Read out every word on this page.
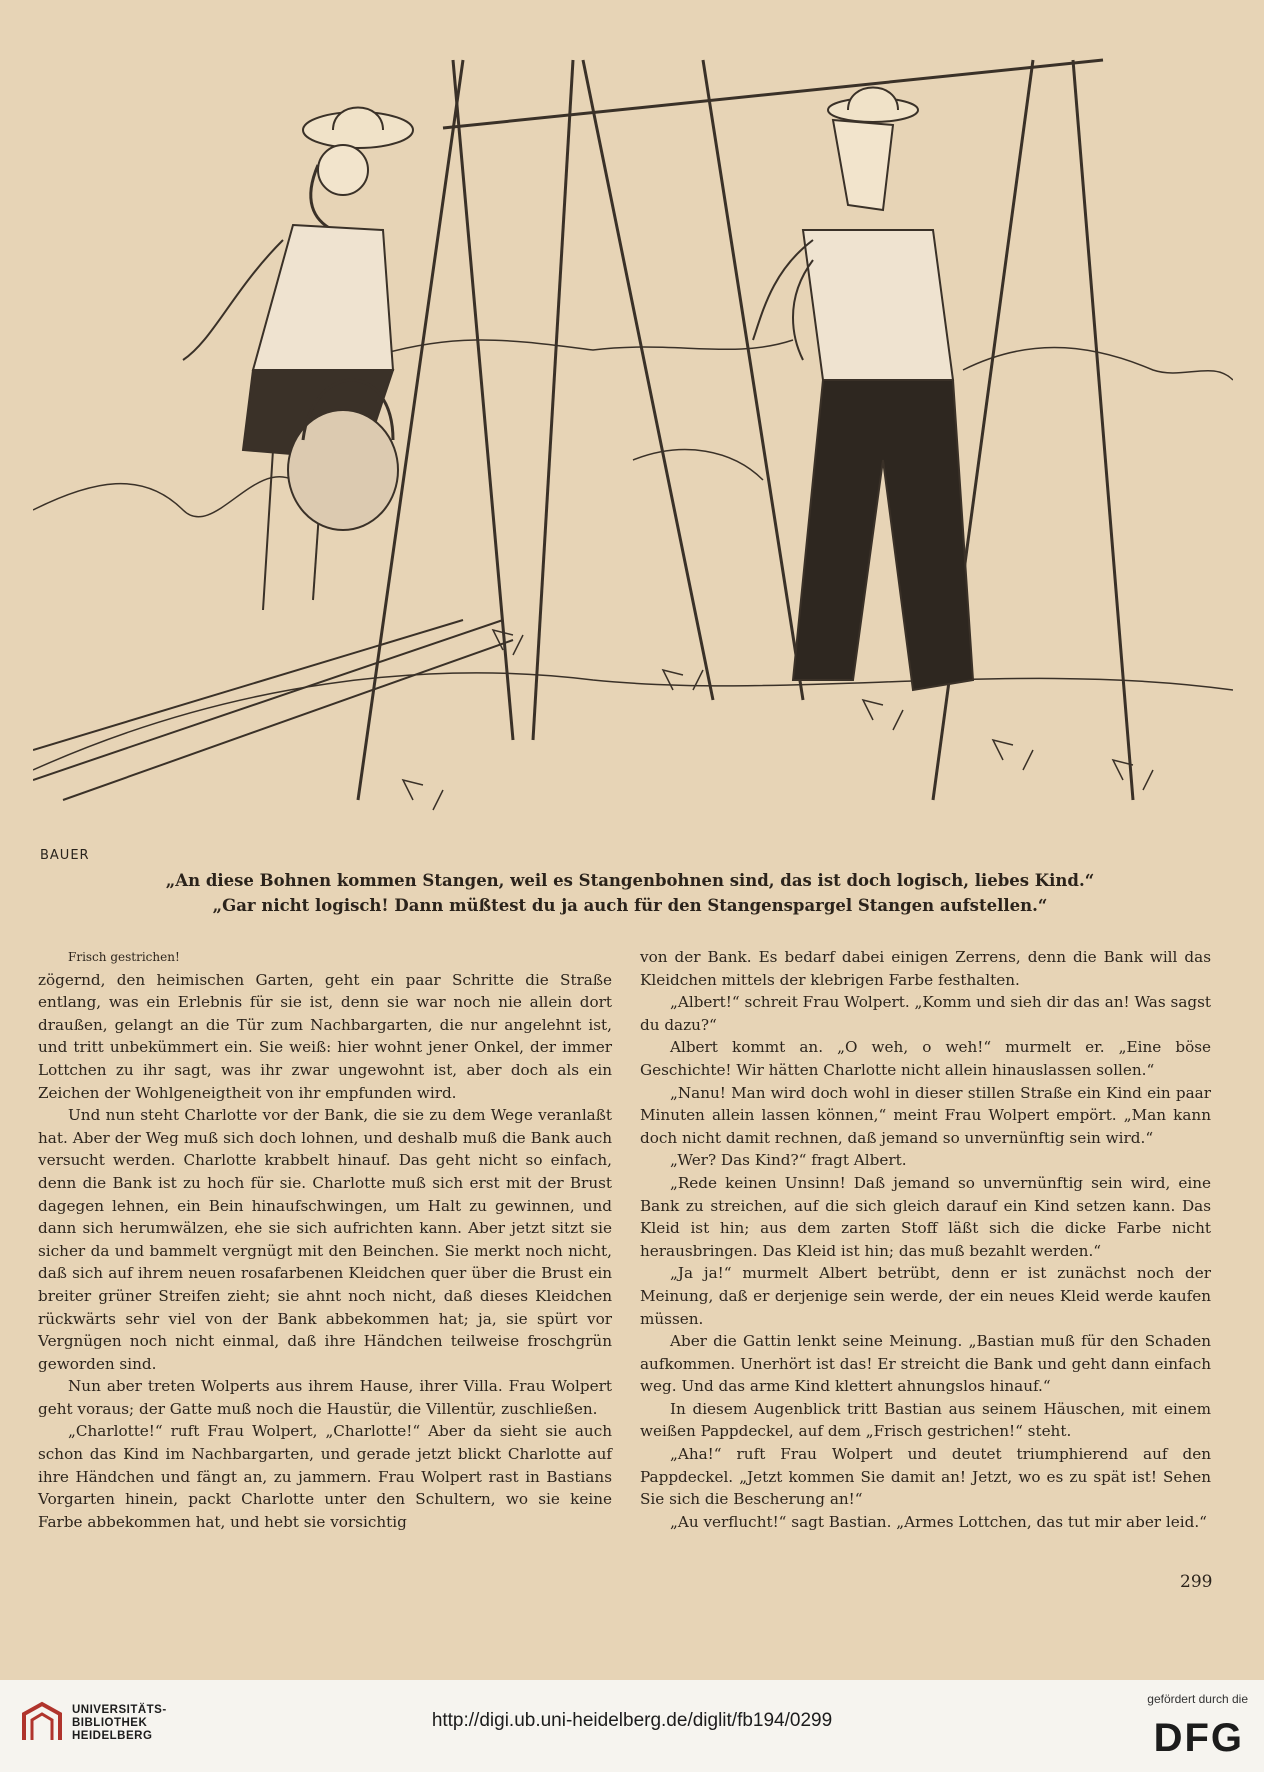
BAUER
„An diese Bohnen kommen Stangen, weil es Stangenbohnen sind, das ist doch logisch, liebes Kind.“
„Gar nicht logisch! Dann müßtest du ja auch für den Stangenspargel Stangen aufstellen.“

Frisch gestrichen!

zögernd, den heimischen Garten, geht ein paar Schritte die Straße entlang, was ein Erlebnis für sie ist, denn sie war noch nie allein dort draußen, gelangt an die Tür zum Nachbargarten, die nur angelehnt ist, und tritt unbekümmert ein. Sie weiß: hier wohnt jener Onkel, der immer Lottchen zu ihr sagt, was ihr zwar ungewohnt ist, aber doch als ein Zeichen der Wohlgeneigtheit von ihr empfunden wird.

Und nun steht Charlotte vor der Bank, die sie zu dem Wege veranlaßt hat. Aber der Weg muß sich doch lohnen, und deshalb muß die Bank auch versucht werden. Charlotte krabbelt hinauf. Das geht nicht so einfach, denn die Bank ist zu hoch für sie. Charlotte muß sich erst mit der Brust dagegen lehnen, ein Bein hinaufschwingen, um Halt zu gewinnen, und dann sich herumwälzen, ehe sie sich aufrichten kann. Aber jetzt sitzt sie sicher da und bammelt vergnügt mit den Beinchen. Sie merkt noch nicht, daß sich auf ihrem neuen rosafarbenen Kleidchen quer über die Brust ein breiter grüner Streifen zieht; sie ahnt noch nicht, daß dieses Kleidchen rückwärts sehr viel von der Bank abbekommen hat; ja, sie spürt vor Vergnügen noch nicht einmal, daß ihre Händchen teilweise froschgrün geworden sind.

Nun aber treten Wolperts aus ihrem Hause, ihrer Villa. Frau Wolpert geht voraus; der Gatte muß noch die Haustür, die Villentür, zuschließen.

„Charlotte!“ ruft Frau Wolpert, „Charlotte!“ Aber da sieht sie auch schon das Kind im Nachbargarten, und gerade jetzt blickt Charlotte auf ihre Händchen und fängt an, zu jammern. Frau Wolpert rast in Bastians Vorgarten hinein, packt Charlotte unter den Schultern, wo sie keine Farbe abbekommen hat, und hebt sie vorsichtig

von der Bank. Es bedarf dabei einigen Zerrens, denn die Bank will das Kleidchen mittels der klebrigen Farbe festhalten.

„Albert!“ schreit Frau Wolpert. „Komm und sieh dir das an! Was sagst du dazu?“

Albert kommt an. „O weh, o weh!“ murmelt er. „Eine böse Geschichte! Wir hätten Charlotte nicht allein hinauslassen sollen.“

„Nanu! Man wird doch wohl in dieser stillen Straße ein Kind ein paar Minuten allein lassen können,“ meint Frau Wolpert empört. „Man kann doch nicht damit rechnen, daß jemand so unvernünftig sein wird.“

„Wer? Das Kind?“ fragt Albert.

„Rede keinen Unsinn! Daß jemand so unvernünftig sein wird, eine Bank zu streichen, auf die sich gleich darauf ein Kind setzen kann. Das Kleid ist hin; aus dem zarten Stoff läßt sich die dicke Farbe nicht herausbringen. Das Kleid ist hin; das muß bezahlt werden.“

„Ja ja!“ murmelt Albert betrübt, denn er ist zunächst noch der Meinung, daß er derjenige sein werde, der ein neues Kleid werde kaufen müssen.

Aber die Gattin lenkt seine Meinung. „Bastian muß für den Schaden aufkommen. Unerhört ist das! Er streicht die Bank und geht dann einfach weg. Und das arme Kind klettert ahnungslos hinauf.“

In diesem Augenblick tritt Bastian aus seinem Häuschen, mit einem weißen Pappdeckel, auf dem „Frisch gestrichen!“ steht.

„Aha!“ ruft Frau Wolpert und deutet triumphierend auf den Pappdeckel. „Jetzt kommen Sie damit an! Jetzt, wo es zu spät ist! Sehen Sie sich die Bescherung an!“

„Au verflucht!“ sagt Bastian. „Armes Lottchen, das tut mir aber leid.“

299
UNIVERSITÄTS-
BIBLIOTHEK
HEIDELBERG
http://digi.ub.uni-heidelberg.de/diglit/fb194/0299
gefördert durch die
DFG
